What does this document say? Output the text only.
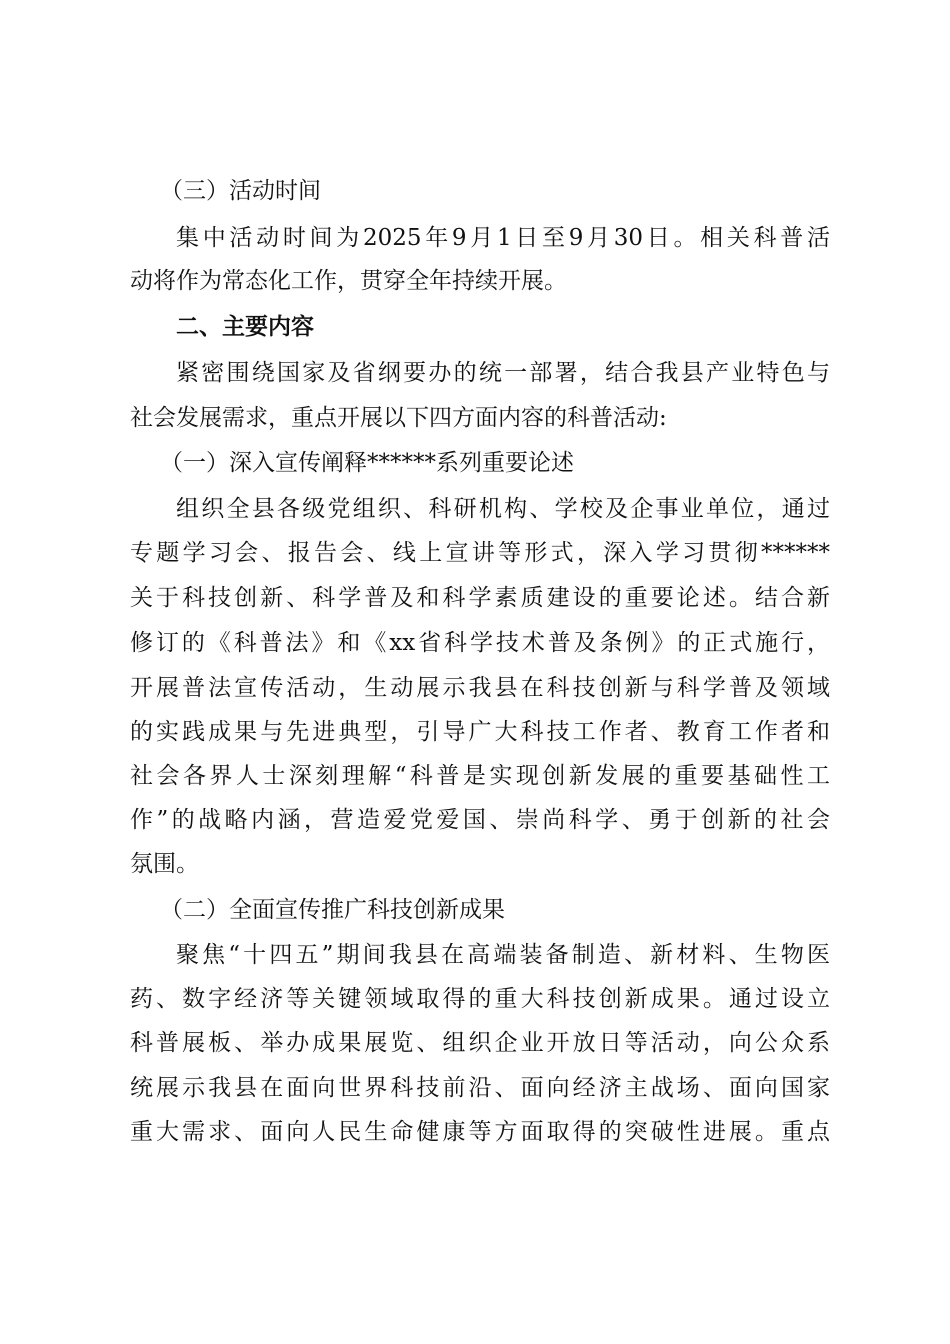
（三）活动时间
集中活动时间为2025年9月1日至9月30日。相关科普活
动将作为常态化工作，贯穿全年持续开展。
二、主要内容
紧密围绕国家及省纲要办的统一部署，结合我县产业特色与
社会发展需求，重点开展以下四方面内容的科普活动:
（一）深入宣传阐释******系列重要论述
组织全县各级党组织、科研机构、学校及企事业单位，通过
专题学习会、报告会、线上宣讲等形式，深入学习贯彻******
关于科技创新、科学普及和科学素质建设的重要论述。结合新
修订的《科普法》和《xx省科学技术普及条例》的正式施行，
开展普法宣传活动，生动展示我县在科技创新与科学普及领域
的实践成果与先进典型，引导广大科技工作者、教育工作者和
社会各界人士深刻理解“科普是实现创新发展的重要基础性工
作”的战略内涵，营造爱党爱国、崇尚科学、勇于创新的社会
氛围。
（二）全面宣传推广科技创新成果
聚焦“十四五”期间我县在高端装备制造、新材料、生物医
药、数字经济等关键领域取得的重大科技创新成果。通过设立
科普展板、举办成果展览、组织企业开放日等活动，向公众系
统展示我县在面向世界科技前沿、面向经济主战场、面向国家
重大需求、面向人民生命健康等方面取得的突破性进展。重点
